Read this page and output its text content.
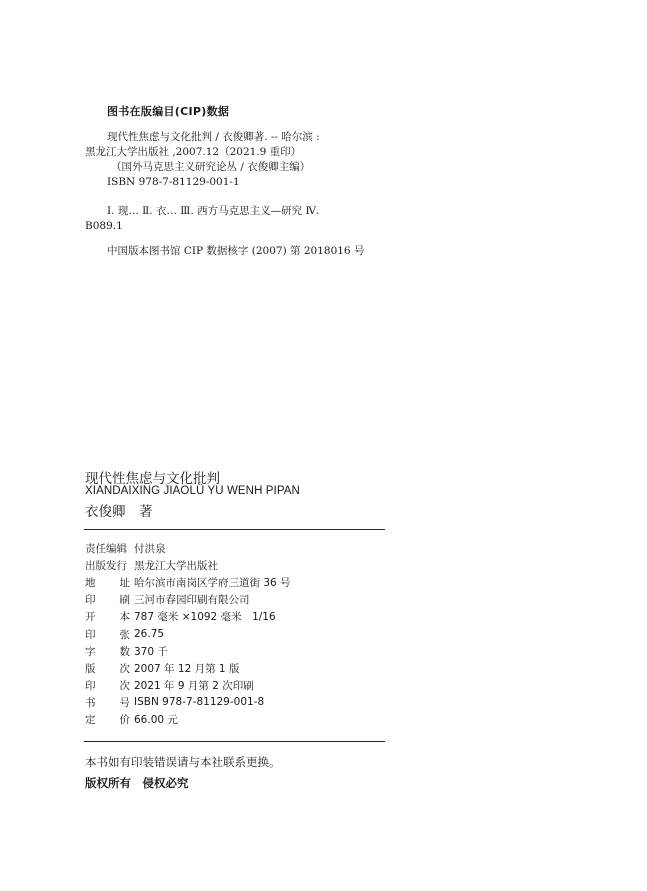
图书在版编目(CIP)数据
现代性焦虑与文化批判 / 衣俊卿著. -- 哈尔滨 :
黑龙江大学出版社 ,2007.12（2021.9 重印）
（国外马克思主义研究论丛 / 衣俊卿主编）
ISBN 978-7-81129-001-1
Ⅰ. 现… Ⅱ. 衣… Ⅲ. 西方马克思主义—研究 Ⅳ.
B089.1
中国版本图书馆 CIP 数据核字 (2007) 第 2018016 号
现代性焦虑与文化批判
XIANDAIXING JIAOLÜ YU WENH PIPAN
衣俊卿　著
责任编辑 付洪泉
出版发行 黑龙江大学出版社
地 址 哈尔滨市南岗区学府三道街 36 号
印 刷 三河市春园印刷有限公司
开 本 787 毫米 ×1092 毫米　1/16
印 张 26.75
字 数 370 千
版 次 2007 年 12 月第 1 版
印 次 2021 年 9 月第 2 次印刷
书 号 ISBN 978-7-81129-001-8
定 价 66.00 元
本书如有印装错误请与本社联系更换。
版权所有　侵权必究
